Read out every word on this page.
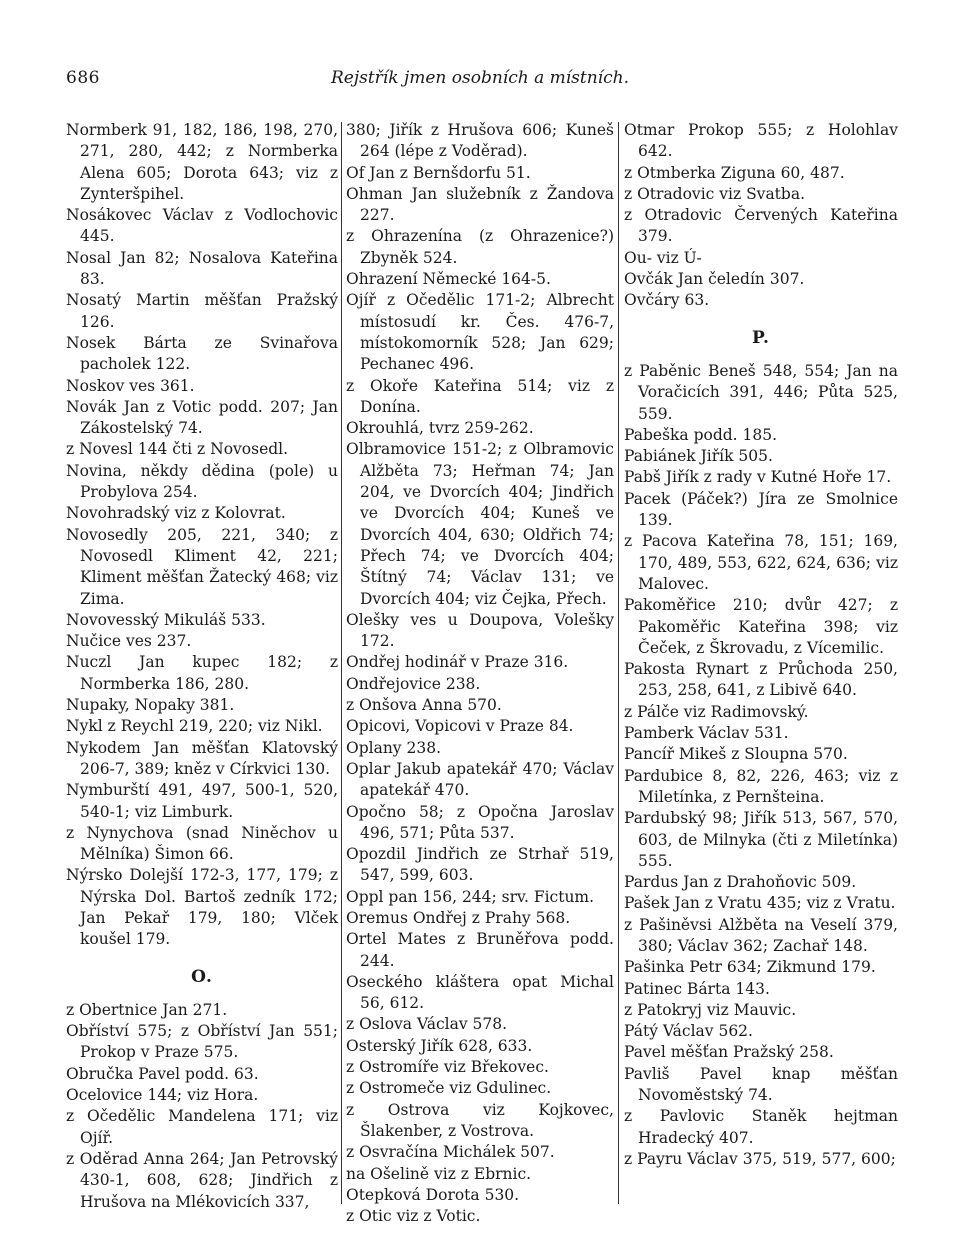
686	Rejstřík jmen osobních a místních.

Normberk 91, 182, 186, 198, 270, 271, 280, 442; z Normberka Alena 605; Dorota 643; viz z Zynteršpihel.

Nosákovec Václav z Vodlochovic 445.

Nosal Jan 82; Nosalova Kateřina 83.

Nosatý Martin měšťan Pražský 126.

Nosek Bárta ze Svinařova pacholek 122.

Noskov ves 361.

Novák Jan z Votic podd. 207; Jan Zákostelský 74.

z Novesl 144 čti z Novosedl.

Novina, někdy dědina (pole) u Probylova 254.

Novohradský viz z Kolovrat.

Novosedly 205, 221, 340; z Novosedl Kliment 42, 221; Kliment měšťan Žatecký 468; viz Zima.

Novovesský Mikuláš 533.

Nučice ves 237.

Nuczl Jan kupec 182; z Normberka 186, 280.

Nupaky, Nopaky 381.

Nykl z Reychl 219, 220; viz Nikl.

Nykodem Jan měšťan Klatovský 206-7, 389; kněz v Církvici 130.

Nymburští 491, 497, 500-1, 520, 540-1; viz Limburk.

z Nynychova (snad Niněchov u Mělníka) Šimon 66.

Nýrsko Dolejší 172-3, 177, 179; z Nýrska Dol. Bartoš zedník 172; Jan Pekař 179, 180; Vlček koušel 179.

O.

z Obertnice Jan 271.

Obříství 575; z Obříství Jan 551; Prokop v Praze 575.

Obručka Pavel podd. 63.

Ocelovice 144; viz Hora.

z Očedělic Mandelena 171; viz Ojíř.

z Oděrad Anna 264; Jan Petrovský 430-1, 608, 628; Jindřich z Hrušova na Mlékovicích 337,

380; Jiřík z Hrušova 606; Kuneš 264 (lépe z Voděrad).

Of Jan z Bernšdorfu 51.

Ohman Jan služebník z Žandova 227.

z Ohrazenína (z Ohrazenice?) Zbyněk 524.

Ohrazení Německé 164-5.

Ojíř z Očedělic 171-2; Albrecht místosudí kr. Čes. 476-7, místokomorník 528; Jan 629; Pechanec 496.

z Okoře Kateřina 514; viz z Donína.

Okrouhlá, tvrz 259-262.

Olbramovice 151-2; z Olbramovic Alžběta 73; Heřman 74; Jan 204, ve Dvorcích 404; Jindřich ve Dvorcích 404; Kuneš ve Dvorcích 404, 630; Oldřich 74; Přech 74; ve Dvorcích 404; Štítný 74; Václav 131; ve Dvorcích 404; viz Čejka, Přech.

Olešky ves u Doupova, Volešky 172.

Ondřej hodinář v Praze 316.

Ondřejovice 238.

z Onšova Anna 570.

Opicovi, Vopicovi v Praze 84.

Oplany 238.

Oplar Jakub apatekář 470; Václav apatekář 470.

Opočno 58; z Opočna Jaroslav 496, 571; Půta 537.

Opozdil Jindřich ze Strhař 519, 547, 599, 603.

Oppl pan 156, 244; srv. Fictum.

Oremus Ondřej z Prahy 568.

Ortel Mates z Bruněřova podd. 244.

Oseckého kláštera opat Michal 56, 612.

z Oslova Václav 578.

Osterský Jiřík 628, 633.

z Ostromíře viz Břekovec.

z Ostromeče viz Gdulinec.

z Ostrova viz Kojkovec, Šlakenber, z Vostrova.

z Osvračína Michálek 507.

na Ošelině viz z Ebrnic.

Otepková Dorota 530.

z Otic viz z Votic.

Otmar Prokop 555; z Holohlav 642.

z Otmberka Ziguna 60, 487.

z Otradovic viz Svatba.

z Otradovic Červených Kateřina 379.

Ou- viz Ú-

Ovčák Jan čeledín 307.

Ovčáry 63.

P.

z Paběnic Beneš 548, 554; Jan na Voračicích 391, 446; Půta 525, 559.

Pabeška podd. 185.

Pabiánek Jiřík 505.

Pabš Jiřík z rady v Kutné Hoře 17.

Pacek (Páček?) Jíra ze Smolnice 139.

z Pacova Kateřina 78, 151; 169, 170, 489, 553, 622, 624, 636; viz Malovec.

Pakoměřice 210; dvůr 427; z Pakoměřic Kateřina 398; viz Čeček, z Škrovadu, z Vícemilic.

Pakosta Rynart z Průchoda 250, 253, 258, 641, z Libivě 640.

z Pálče viz Radimovský.

Pamberk Václav 531.

Pancíř Mikeš z Sloupna 570.

Pardubice 8, 82, 226, 463; viz z Miletínka, z Pernšteina.

Pardubský 98; Jiřík 513, 567, 570, 603, de Milnyka (čti z Miletínka) 555.

Pardus Jan z Drahoňovic 509.

Pašek Jan z Vratu 435; viz z Vratu.

z Pašiněvsi Alžběta na Veselí 379, 380; Václav 362; Zachař 148.

Pašinka Petr 634; Zikmund 179.

Patinec Bárta 143.

z Patokryj viz Mauvic.

Pátý Václav 562.

Pavel měšťan Pražský 258.

Pavliš Pavel knap měšťan Novoměstský 74.

z Pavlovic Staněk hejtman Hradecký 407.

z Payru Václav 375, 519, 577, 600;
